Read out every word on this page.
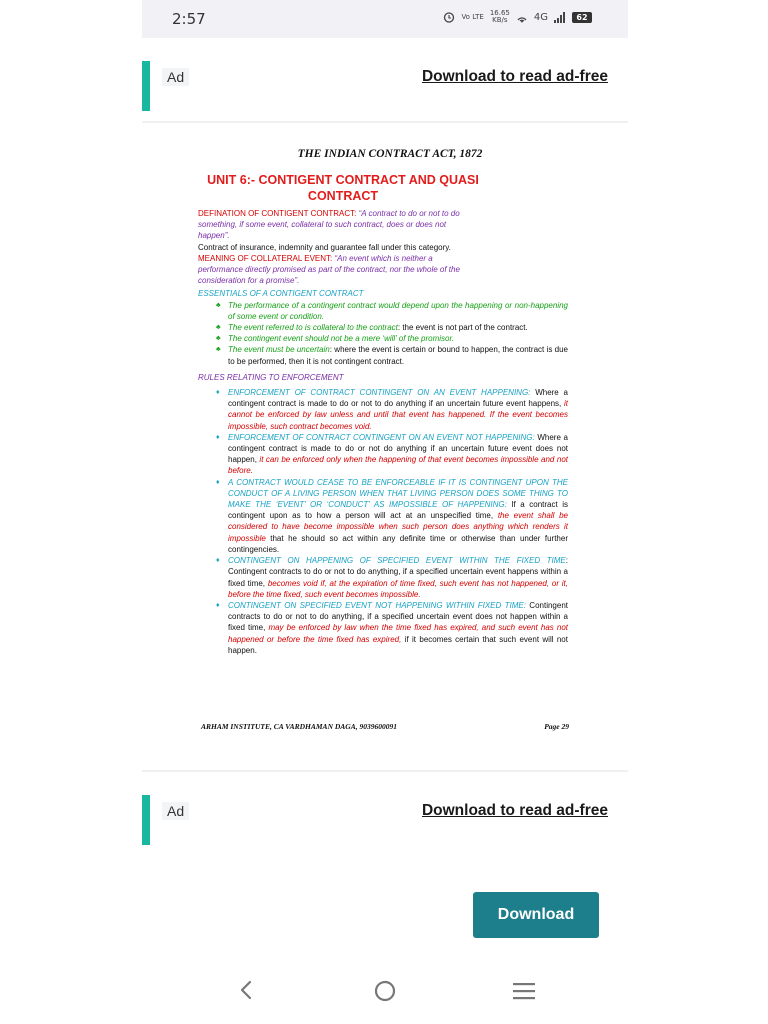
2:57	Vo LTE 16.65
KB/s	4G	62
Ad	Download to read ad-free
THE INDIAN CONTRACT ACT, 1872
UNIT 6:- CONTIGENT CONTRACT AND QUASI
CONTRACT
DEFINATION OF CONTIGENT CONTRACT: “A contract to do or not to do something, if some event, collateral to such contract, does or does not happen”.
Contract of insurance, indemnity and guarantee fall under this category.
MEANING OF COLLATERAL EVENT: “An event which is neither a performance directly promised as part of the contract, nor the whole of the consideration for a promise”.
ESSENTIALS OF A CONTIGENT CONTRACT
♣ The performance of a contingent contract would depend upon the happening or non-happening of some event or condition.
♣ The event referred to is collateral to the contract: the event is not part of the contract.
♣ The contingent event should not be a mere ‘will’ of the promisor.
♣ The event must be uncertain: where the event is certain or bound to happen, the contract is due to be performed, then it is not contingent contract.
RULES RELATING TO ENFORCEMENT
♦ ENFORCEMENT OF CONTRACT CONTINGENT ON AN EVENT HAPPENING: Where a contingent contract is made to do or not to do anything if an uncertain future event happens, it cannot be enforced by law unless and until that event has happened. If the event becomes impossible, such contract becomes void.
♦ ENFORCEMENT OF CONTRACT CONTINGENT ON AN EVENT NOT HAPPENING: Where a contingent contract is made to do or not do anything if an uncertain future event does not happen, it can be enforced only when the happening of that event becomes impossible and not before.
♦ A CONTRACT WOULD CEASE TO BE ENFORCEABLE IF IT IS CONTINGENT UPON THE CONDUCT OF A LIVING PERSON WHEN THAT LIVING PERSON DOES SOME THING TO MAKE THE ‘EVENT’ OR ‘CONDUCT’ AS IMPOSSIBLE OF HAPPENING: If a contract is contingent upon as to how a person will act at an unspecified time, the event shall be considered to have become impossible when such person does anything which renders it impossible that he should so act within any definite time or otherwise than under further contingencies.
♦ CONTINGENT ON HAPPENING OF SPECIFIED EVENT WITHIN THE FIXED TIME: Contingent contracts to do or not to do anything, if a specified uncertain event happens within a fixed time, becomes void if, at the expiration of time fixed, such event has not happened, or it, before the time fixed, such event becomes impossible.
♦ CONTINGENT ON SPECIFIED EVENT NOT HAPPENING WITHIN FIXED TIME: Contingent contracts to do or not to do anything, if a specified uncertain event does not happen within a fixed time, may be enforced by law when the time fixed has expired, and such event has not happened or before the time fixed has expired, if it becomes certain that such event will not happen.
ARHAM INSTITUTE, CA VARDHAMAN DAGA, 9039600091	Page 29
Ad	Download to read ad-free
Download
